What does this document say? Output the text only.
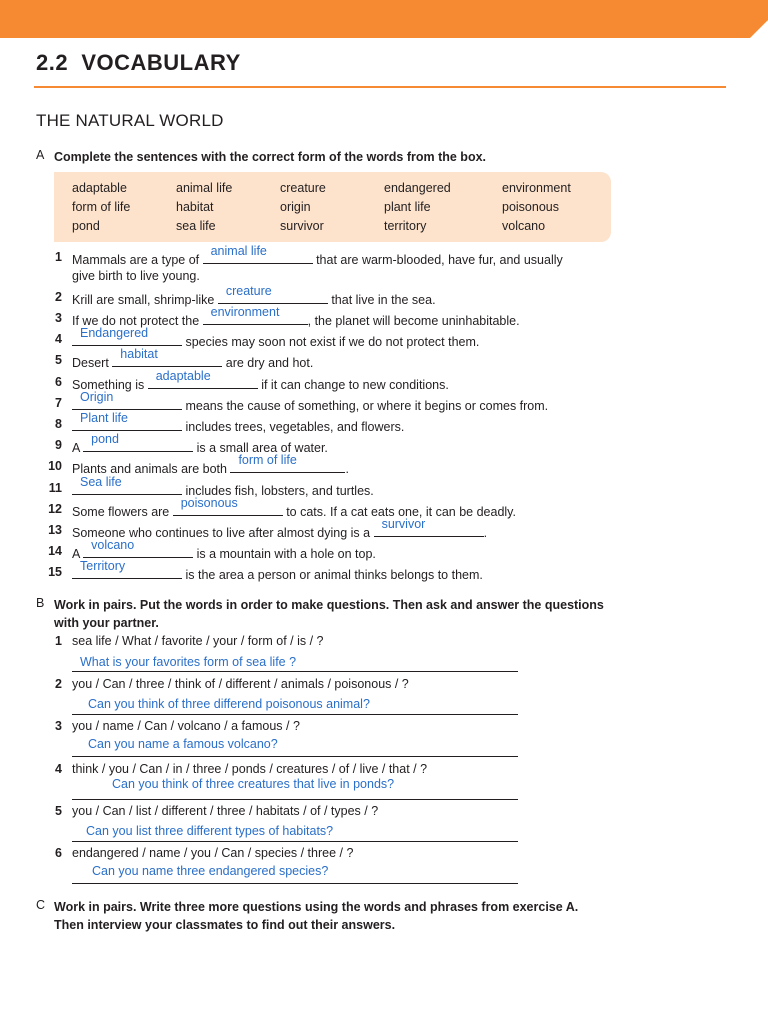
2.2 VOCABULARY
THE NATURAL WORLD
A Complete the sentences with the correct form of the words from the box.
adaptable	animal life	creature	endangered	environment
form of life	habitat	origin	plant life	poisonous
pond	sea life	survivor	territory	volcano
1 Mammals are a type of
animal life
that are warm-blooded, have fur, and usually
give birth to live young.
2 Krill are small, shrimp-like
creature
that live in the sea.
3 If we do not protect the
environment
, the planet will become uninhabitable.
4 Endangered
species may soon not exist if we do not protect them.
5 Desert
habitat
are dry and hot.
6 Something is
adaptable
if it can change to new conditions.
7 Origin
means the cause of something, or where it begins or comes from.
8 Plant life
includes trees, vegetables, and flowers.
9 A
pond
is a small area of water.
10 Plants and animals are both
form of life
.
11 Sea life
includes fish, lobsters, and turtles.
12 Some flowers are
poisonous
to cats. If a cat eats one, it can be deadly.
13 Someone who continues to live after almost dying is a
survivor
.
14 A
volcano
is a mountain with a hole on top.
15 Territory
is the area a person or animal thinks belongs to them.
B Work in pairs. Put the words in order to make questions. Then ask and answer the questions
with your partner.
1 sea life / What / favorite / your / form of / is / ?
What is your favorites form of sea life ?
2 you / Can / three / think of / different / animals / poisonous / ?
Can you think of three differend poisonous animal?
3 you / name / Can / volcano / a famous / ?
Can you name a famous volcano?
4 think / you / Can / in / three / ponds / creatures / of / live / that / ?
Can you think of three creatures that live in ponds?
5 you / Can / list / different / three / habitats / of / types / ?
Can you list three different types of habitats?
6 endangered / name / you / Can / species / three / ?
Can you name three endangered species?
C Work in pairs. Write three more questions using the words and phrases from exercise A.
Then interview your classmates to find out their answers.
